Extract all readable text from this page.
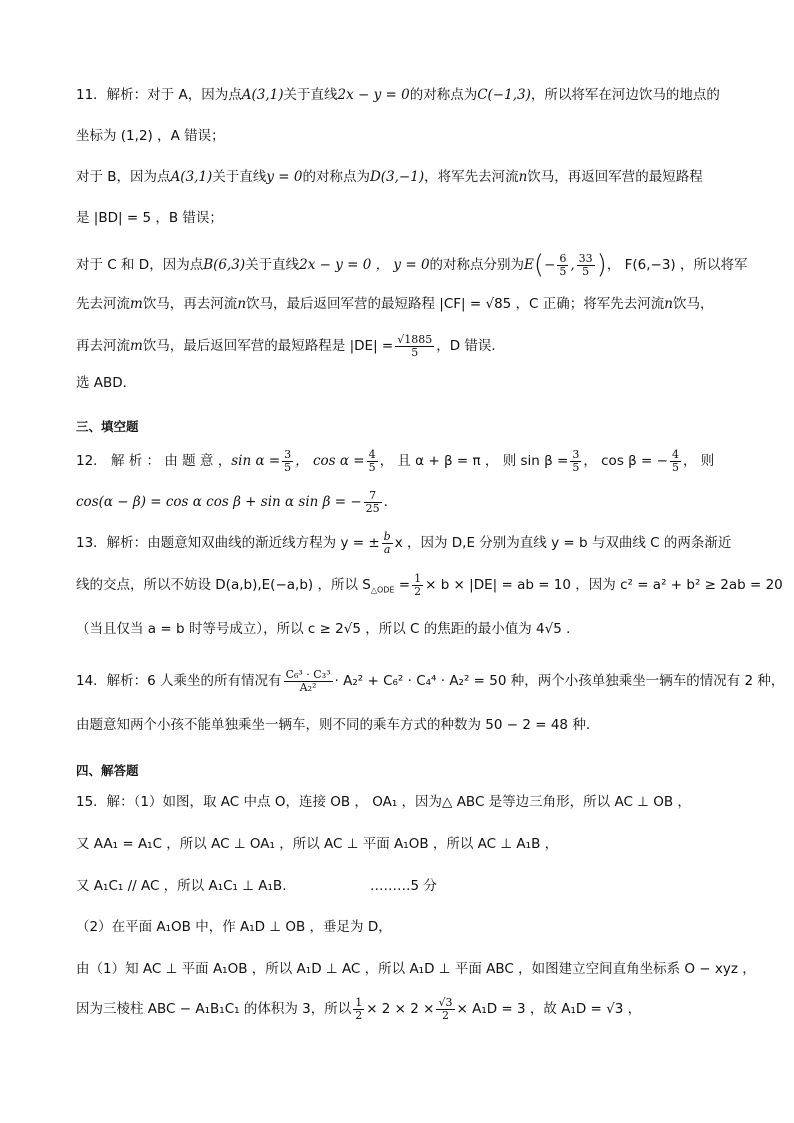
11．解析：对于 A，因为点A(3,1)关于直线2x − y = 0的对称点为C(−1,3)，所以将军在河边饮马的地点的
坐标为 (1,2) ，A 错误；
对于 B，因为点A(3,1)关于直线y = 0的对称点为D(3,−1)，将军先去河流n饮马，再返回军营的最短路程
是 |BD| = 5 ，B 错误；
对于 C 和 D，因为点B(6,3)关于直线2x − y = 0 ， y = 0的对称点分别为$E(- \frac{6}{5}$ , $\frac{33}{5}$ )， F(6,−3) ，所以将军
先去河流m饮马，再去河流n饮马，最后返回军营的最短路程 |CF| = √85 ，C 正确；将军先去河流n饮马，
再去河流m饮马，最后返回军营的最短路程是 $|DE| = \frac{√1885}{5}$ ，D 错误．
选 ABD．
三、填空题
12． 解 析 ： 由 题 意 ，$\sin \alpha = \frac{3}{5}$ ， $\cos \alpha = \frac{4}{5}$ ， 且 α + β = π ， 则 $\sin \beta = \frac{3}{5}$ ， cos β = − $\frac{4}{5}$ ， 则
cos(α − β) = cos α cos β + sin α sin β = − $\frac{7}{25}$ ．
13．解析：由题意知双曲线的渐近线方程为 y = ± $\frac{b}{a}$ x ，因为 D,E 分别为直线 y = b 与双曲线 C 的两条渐近
线的交点，所以不妨设 D(a,b),E(−a,b) ，所以 $S_{\triangle ODE} = \frac{1}{2} \times b \times |DE|$ = ab = 10 ，因为 c² = a² + b² ≥ 2ab = 20
（当且仅当 a = b 时等号成立），所以 c ≥ 2√5 ，所以 C 的焦距的最小值为 4√5 ．
14．解析：6 人乘坐的所有情况有 $\frac{\text{C₆³ · C₃³}}{\text{A₂²}} \cdot A_2^2 + C_6^2 \cdot C_4^4 \cdot A_2^2 = 50$ 种，两个小孩单独乘坐一辆车的情况有 2 种，
由题意知两个小孩不能单独乘坐一辆车，则不同的乘车方式的种数为 50 − 2 = 48 种.
四、解答题
15．解：（1）如图，取 AC 中点 O，连接 OB ， OA₁ ，因为△ ABC 是等边三角形，所以 AC ⊥ OB ，
又 AA₁ = A₁C ，所以 AC ⊥ OA₁ ，所以 AC ⊥ 平面 A₁OB ，所以 AC ⊥ A₁B ，
又 A₁C₁ // AC ，所以 A₁C₁ ⊥ A₁B.	………5 分
（2）在平面 A₁OB 中，作 A₁D ⊥ OB ，垂足为 D，
由（1）知 AC ⊥ 平面 A₁OB ，所以 A₁D ⊥ AC ，所以 A₁D ⊥ 平面 ABC ，如图建立空间直角坐标系 O − xyz ，
因为三棱柱 ABC − A₁B₁C₁ 的体积为 3，所以 $\frac{1}{2} \times 2 \times 2 \times \frac{√3}{2} \times A_1D = 3$ ，故 A₁D = √3 ，
